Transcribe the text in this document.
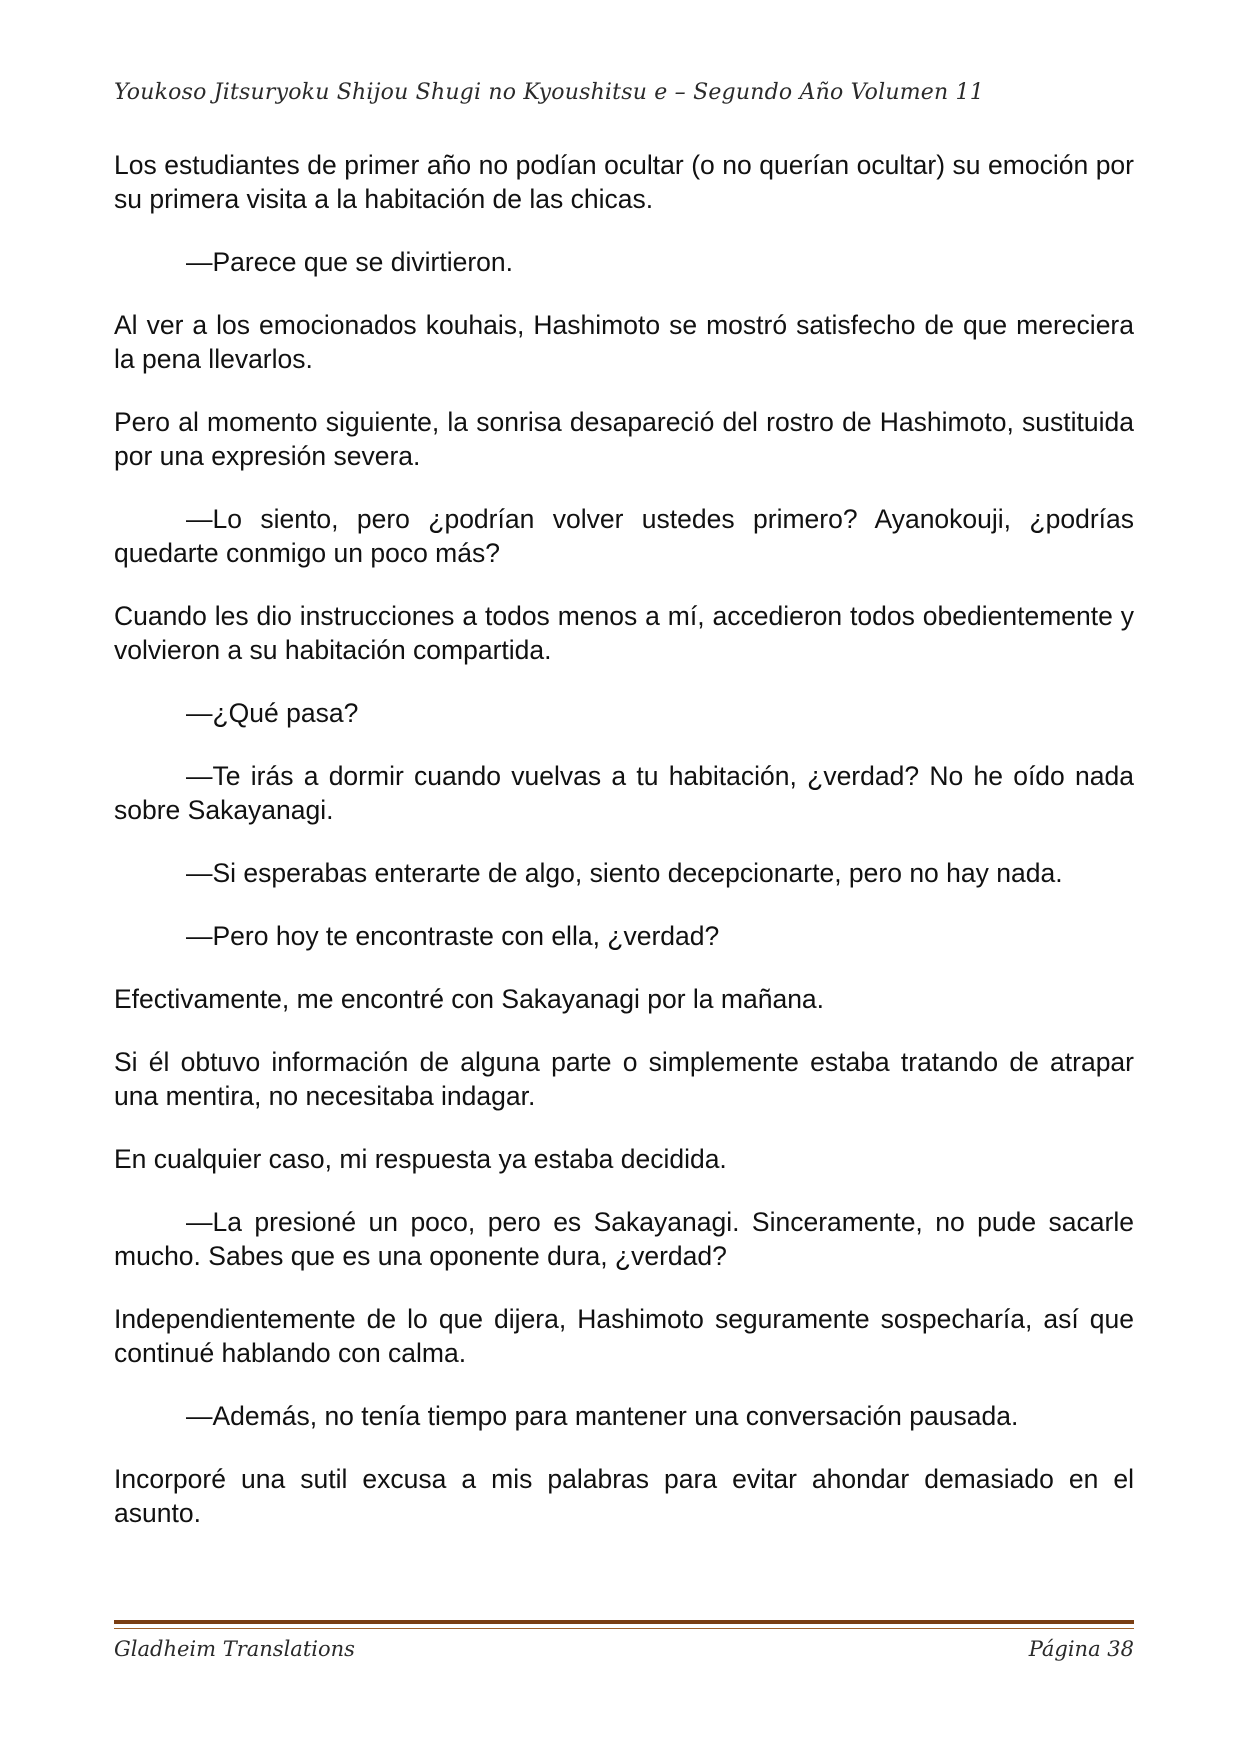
Youkoso Jitsuryoku Shijou Shugi no Kyoushitsu e – Segundo Año Volumen 11

Los estudiantes de primer año no podían ocultar (o no querían ocultar) su emoción por su primera visita a la habitación de las chicas.

—Parece que se divirtieron.

Al ver a los emocionados kouhais, Hashimoto se mostró satisfecho de que mereciera la pena llevarlos.

Pero al momento siguiente, la sonrisa desapareció del rostro de Hashimoto, sustituida por una expresión severa.

—Lo siento, pero ¿podrían volver ustedes primero? Ayanokouji, ¿podrías quedarte conmigo un poco más?

Cuando les dio instrucciones a todos menos a mí, accedieron todos obedientemente y volvieron a su habitación compartida.

—¿Qué pasa?

—Te irás a dormir cuando vuelvas a tu habitación, ¿verdad? No he oído nada sobre Sakayanagi.

—Si esperabas enterarte de algo, siento decepcionarte, pero no hay nada.

—Pero hoy te encontraste con ella, ¿verdad?

Efectivamente, me encontré con Sakayanagi por la mañana.

Si él obtuvo información de alguna parte o simplemente estaba tratando de atrapar una mentira, no necesitaba indagar.

En cualquier caso, mi respuesta ya estaba decidida.

—La presioné un poco, pero es Sakayanagi. Sinceramente, no pude sacarle mucho. Sabes que es una oponente dura, ¿verdad?

Independientemente de lo que dijera, Hashimoto seguramente sospecharía, así que continué hablando con calma.

—Además, no tenía tiempo para mantener una conversación pausada.

Incorporé una sutil excusa a mis palabras para evitar ahondar demasiado en el asunto.

Gladheim Translations	Página 38
